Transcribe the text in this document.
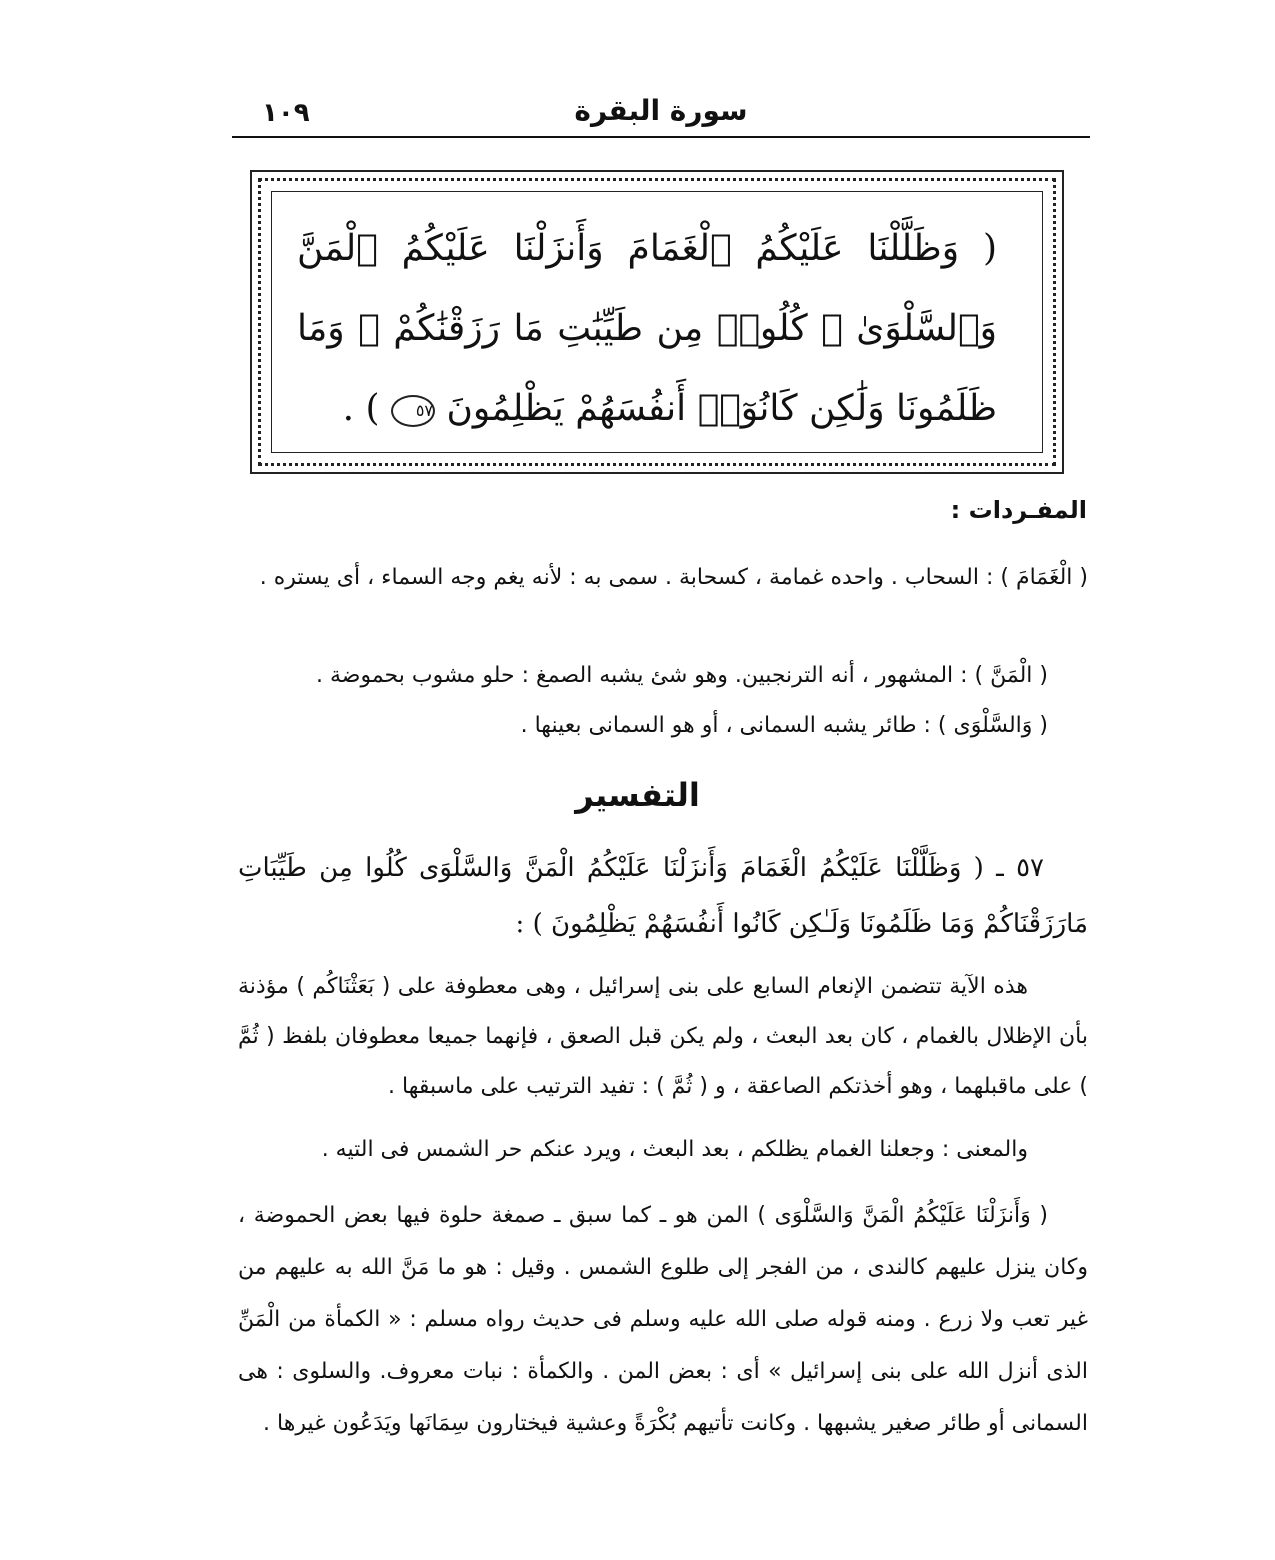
١٠٩	سورة البقرة
( وَظَلَّلْنَا عَلَيْكُمُ ٱلْغَمَامَ وَأَنزَلْنَا عَلَيْكُمُ ٱلْمَنَّ وَٱلسَّلْوَىٰ ۖ كُلُوا۟ مِن طَيِّبَٰتِ مَا رَزَقْنَٰكُمْ ۖ وَمَا ظَلَمُونَا وَلَٰكِن كَانُوٓا۟ أَنفُسَهُمْ يَظْلِمُونَ ٥٧ ) .
المفـردات :
( الْغَمَامَ ) : السحاب . واحده غمامة ، كسحابة . سمى به : لأنه يغم وجه السماء ، أى يستره .
( الْمَنَّ ) : المشهور ، أنه الترنجبين. وهو شئ يشبه الصمغ : حلو مشوب بحموضة .
( وَالسَّلْوَى ) : طائر يشبه السمانى ، أو هو السمانى بعينها .
التفسير
٥٧ ـ ( وَظَلَّلْنَا عَلَيْكُمُ الْغَمَامَ وَأَنزَلْنَا عَلَيْكُمُ الْمَنَّ وَالسَّلْوَى كُلُوا مِن طَيِّبَاتِ مَارَزَقْنَاكُمْ وَمَا ظَلَمُونَا وَلَـٰكِن كَانُوا أَنفُسَهُمْ يَظْلِمُونَ ) :
هذه الآية تتضمن الإنعام السابع على بنى إسرائيل ، وهى معطوفة على ( بَعَثْنَاكُم ) مؤذنة بأن الإظلال بالغمام ، كان بعد البعث ، ولم يكن قبل الصعق ، فإنهما جميعا معطوفان بلفظ ( ثُمَّ ) على ماقبلهما ، وهو أخذتكم الصاعقة ، و ( ثُمَّ ) : تفيد الترتيب على ماسبقها .
والمعنى : وجعلنا الغمام يظلكم ، بعد البعث ، ويرد عنكم حر الشمس فى التيه .
( وَأَنزَلْنَا عَلَيْكُمُ الْمَنَّ وَالسَّلْوَى ) المن هو ـ كما سبق ـ صمغة حلوة فيها بعض الحموضة ، وكان ينزل عليهم كالندى ، من الفجر إلى طلوع الشمس . وقيل : هو ما مَنَّ الله به عليهم من غير تعب ولا زرع . ومنه قوله صلى الله عليه وسلم فى حديث رواه مسلم : « الكمأة من الْمَنِّ الذى أنزل الله على بنى إسرائيل » أى : بعض المن . والكمأة : نبات معروف. والسلوى : هى السمانى أو طائر صغير يشبهها . وكانت تأتيهم بُكْرَةً وعشية فيختارون سِمَانَها ويَدَعُون غيرها .
